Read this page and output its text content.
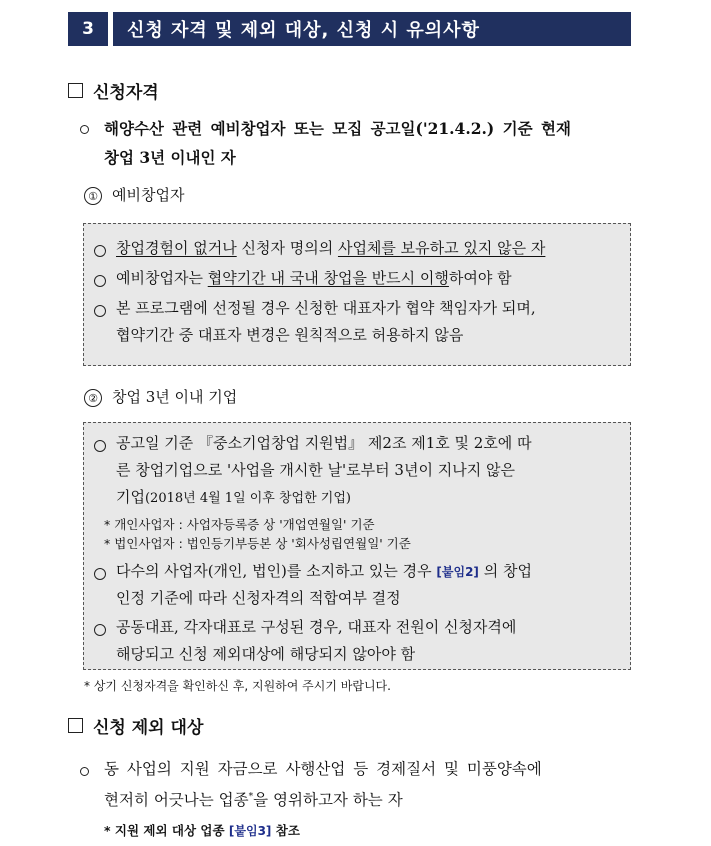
3	신청 자격 및 제외 대상, 신청 시 유의사항
신청자격
해양수산 관련 예비창업자 또는 모집 공고일('21.4.2.) 기준 현재
창업 3년 이내인 자
① 예비창업자
창업경험이 없거나 신청자 명의의 사업체를 보유하고 있지 않은 자
예비창업자는 협약기간 내 국내 창업을 반드시 이행하여야 함
본 프로그램에 선정될 경우 신청한 대표자가 협약 책임자가 되며,
협약기간 중 대표자 변경은 원칙적으로 허용하지 않음
② 창업 3년 이내 기업
공고일 기준 『중소기업창업 지원법』 제2조 제1호 및 2호에 따
른 창업기업으로 '사업을 개시한 날'로부터 3년이 지나지 않은
기업(2018년 4월 1일 이후 창업한 기업)
* 개인사업자 : 사업자등록증 상 '개업연월일' 기준
* 법인사업자 : 법인등기부등본 상 '회사성립연월일' 기준
다수의 사업자(개인, 법인)를 소지하고 있는 경우 [붙임2] 의 창업
인정 기준에 따라 신청자격의 적합여부 결정
공동대표, 각자대표로 구성된 경우, 대표자 전원이 신청자격에
해당되고 신청 제외대상에 해당되지 않아야 함
* 상기 신청자격을 확인하신 후, 지원하여 주시기 바랍니다.
신청 제외 대상
동 사업의 지원 자금으로 사행산업 등 경제질서 및 미풍양속에
현저히 어긋나는 업종*을 영위하고자 하는 자
* 지원 제외 대상 업종 [붙임3] 참조
